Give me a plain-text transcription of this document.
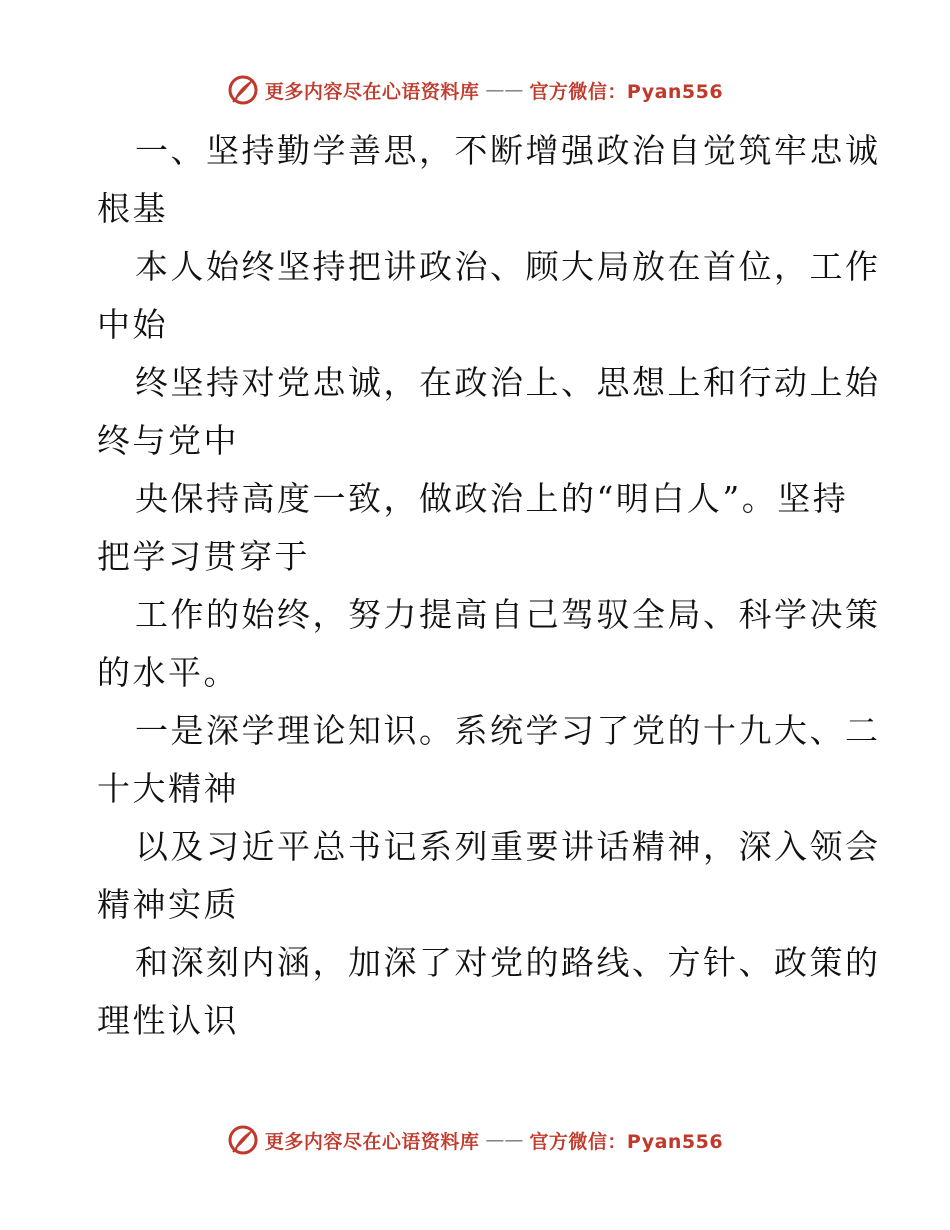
更多内容尽在心语资料库 —— 官方微信：Pyan556
一、坚持勤学善思，不断增强政治自觉筑牢忠诚
根基
本人始终坚持把讲政治、顾大局放在首位，工作
中始
终坚持对党忠诚，在政治上、思想上和行动上始
终与党中
央保持高度一致，做政治上的“明白人”。坚持
把学习贯穿于
工作的始终，努力提高自己驾驭全局、科学决策
的水平。
一是深学理论知识。系统学习了党的十九大、二
十大精神
以及习近平总书记系列重要讲话精神，深入领会
精神实质
和深刻内涵，加深了对党的路线、方针、政策的
理性认识
更多内容尽在心语资料库 —— 官方微信：Pyan556
